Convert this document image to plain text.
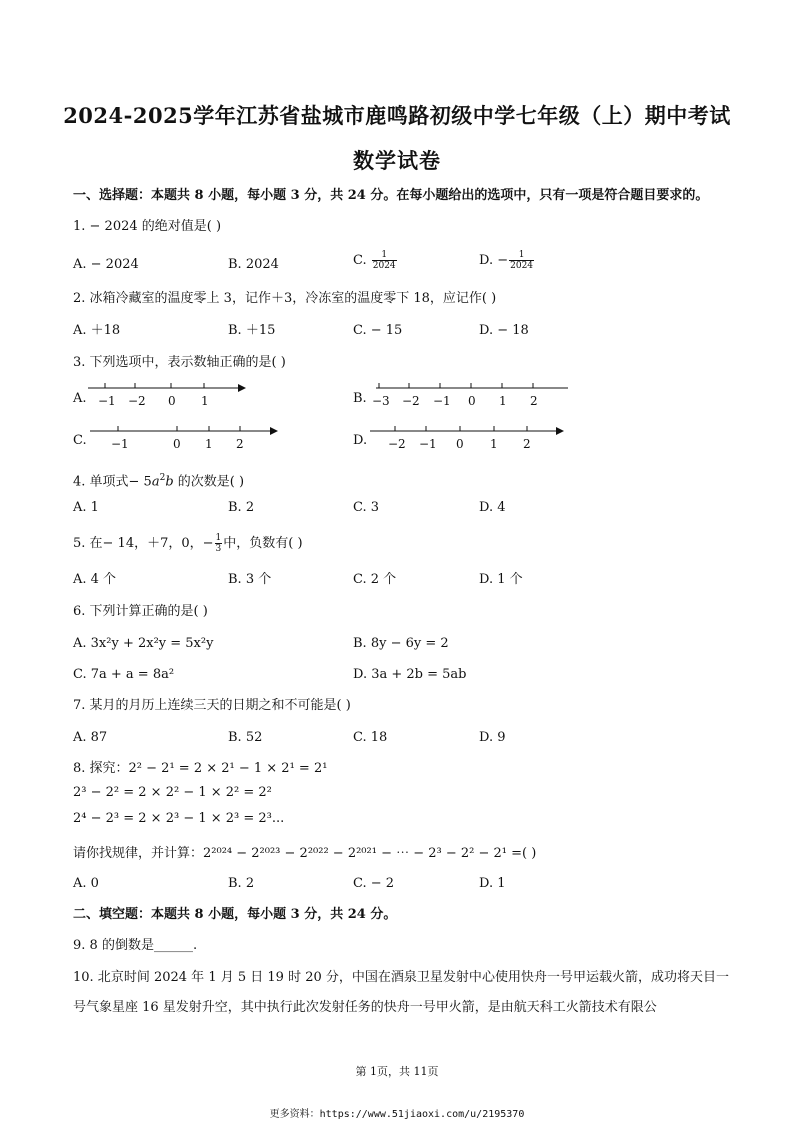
2024-2025学年江苏省盐城市鹿鸣路初级中学七年级（上）期中考试
数学试卷
一、选择题：本题共 8 小题，每小题 3 分，共 24 分。在每小题给出的选项中，只有一项是符合题目要求的。
1. − 2024 的绝对值是( )
A. − 2024	B. 2024	C. $\frac{1}{2024}$	D. − $\frac{1}{2024}$
2. 冰箱冷藏室的温度零上 3，记作＋3，冷冻室的温度零下 18，应记作( )
A. ＋18	B. ＋15	C. − 15	D. − 18
3. 下列选项中，表示数轴正确的是( )
A. −1 −2 0 1	B. −3 −2 −1 0 1 2
C. −1	0 1 2	D. −2 −1 0 1 2
4. 单项式− $5a^2b$ 的次数是( )
A. 1	B. 2	C. 3	D. 4
5. 在− 14，＋7，0，− $\frac{1}{3}$ 中，负数有( )
A. 4 个	B. 3 个	C. 2 个	D. 1 个
6. 下列计算正确的是( )
A. 3x²y + 2x²y = 5x²y	B. 8y − 6y = 2
C. 7a + a = 8a²	D. 3a + 2b = 5ab
7. 某月的月历上连续三天的日期之和不可能是( )
A. 87	B. 52	C. 18	D. 9
8. 探究：2² − 2¹ = 2 × 2¹ − 1 × 2¹ = 2¹
2³ − 2² = 2 × 2² − 1 × 2² = 2²
2⁴ − 2³ = 2 × 2³ − 1 × 2³ = 2³...
请你找规律，并计算：2²⁰²⁴ − 2²⁰²³ − 2²⁰²² − 2²⁰²¹ − ⋯ − 2³ − 2² − 2¹ =( )
A. 0	B. 2	C. − 2	D. 1
二、填空题：本题共 8 小题，每小题 3 分，共 24 分。
9. 8 的倒数是______.
10. 北京时间 2024 年 1 月 5 日 19 时 20 分，中国在酒泉卫星发射中心使用快舟一号甲运载火箭，成功将天目一号气象星座 16 星发射升空，其中执行此次发射任务的快舟一号甲火箭，是由航天科工火箭技术有限公
第 1页，共 11页
更多资料：https://www.51jiaoxi.com/u/2195370
